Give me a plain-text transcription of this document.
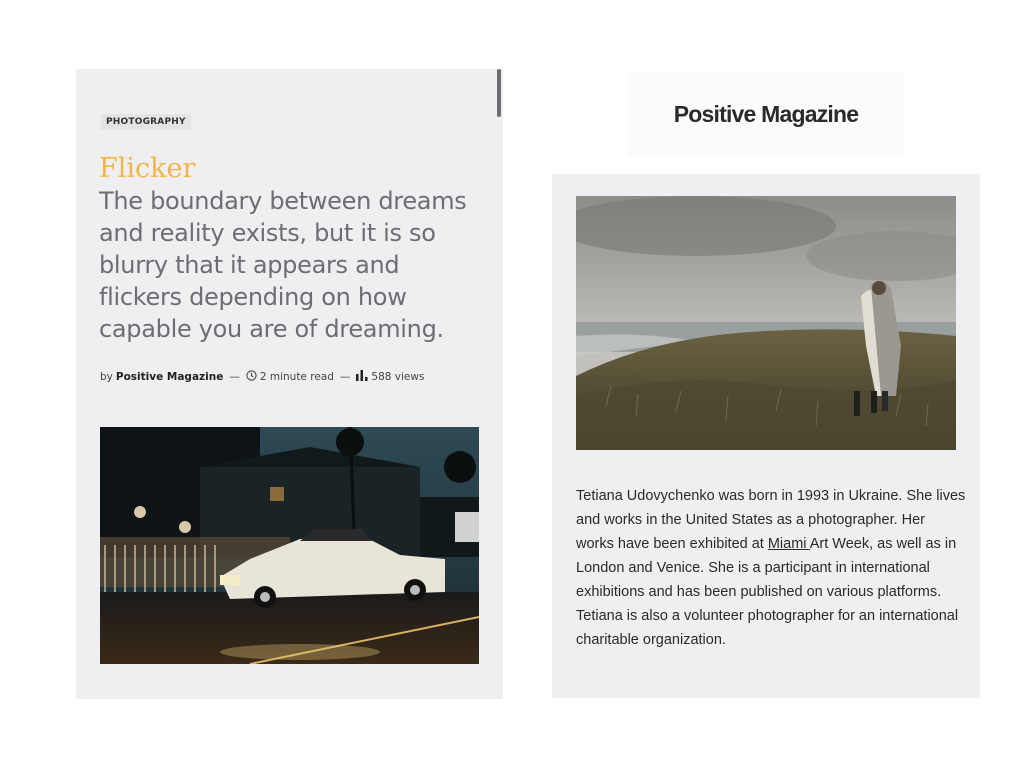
PHOTOGRAPHY
Flicker
The boundary between dreams and reality exists, but it is so blurry that it appears and flickers depending on how capable you are of dreaming.
by Positive Magazine — 2 minute read — 588 views
Positive Magazine
Tetiana Udovychenko was born in 1993 in Ukraine. She lives and works in the United States as a photographer. Her works have been exhibited at Miami Art Week, as well as in London and Venice. She is a participant in international exhibitions and has been published on various platforms. Tetiana is also a volunteer photographer for an international charitable organization.
